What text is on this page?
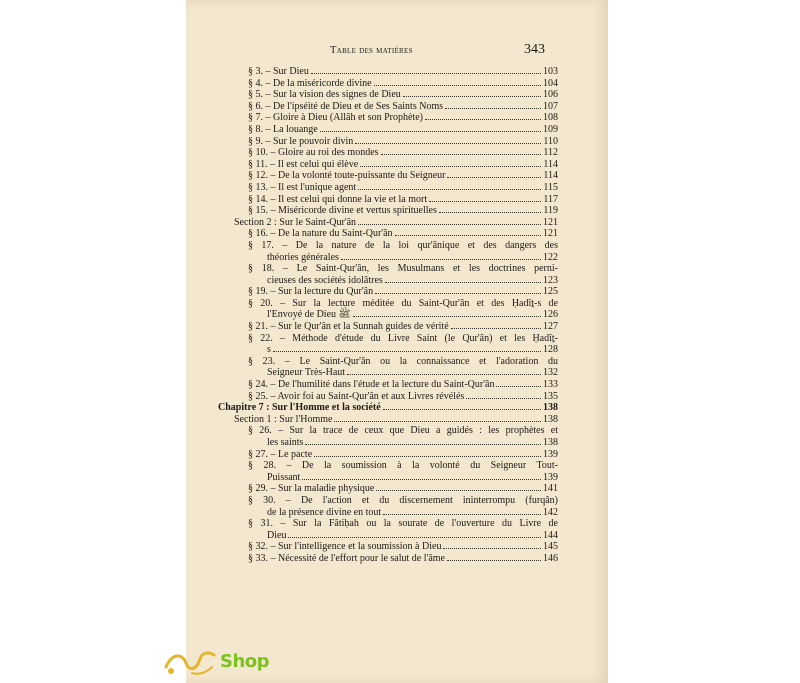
Table des matières	343
§ 3. – Sur Dieu	103
§ 4. – De la miséricorde divine	104
§ 5. – Sur la vision des signes de Dieu	106
§ 6. – De l'ipséité de Dieu et de Ses Saints Noms	107
§ 7. – Gloire à Dieu (Allâh et son Prophète)	108
§ 8. – La louange	109
§ 9. – Sur le pouvoir divin	110
§ 10. – Gloire au roi des mondes	112
§ 11. – Il est celui qui élève	114
§ 12. – De la volonté toute-puissante du Seigneur	114
§ 13. – Il est l'unique agent	115
§ 14. – Il est celui qui donne la vie et la mort	117
§ 15. – Miséricorde divine et vertus spirituelles	119
Section 2 : Sur le Saint-Qur'ân	121
§ 16. – De la nature du Saint-Qur'ân	121
§ 17. – De la nature de la loi qur'ânique et des dangers des
théories générales	122
§ 18. – Le Saint-Qur'ân, les Musulmans et les doctrines perni-
cieuses des sociétés idolâtres	123
§ 19. – Sur la lecture du Qur'ân	125
§ 20. – Sur la lecture méditée du Saint-Qur'ân et des Ḥadîṯ-s de
l'Envoyé de Dieu ﷺ	126
§ 21. – Sur le Qur'ân et la Sunnah guides de vérité	127
§ 22. – Méthode d'étude du Livre Saint (le Qur'ân) et les Ḥadîṯ-
s	128
§ 23. – Le Saint-Qur'ân ou la connaissance et l'adoration du
Seigneur Très-Haut	132
§ 24. – De l'humilité dans l'étude et la lecture du Saint-Qur'ân	133
§ 25. – Avoir foi au Saint-Qur'ân et aux Livres révélés	135
Chapitre 7 : Sur l'Homme et la société	138
Section 1 : Sur l'Homme	138
§ 26. – Sur la trace de ceux que Dieu a guidés : les prophètes et
les saints	138
§ 27. – Le pacte	139
§ 28. – De la soumission à la volonté du Seigneur Tout-
Puissant	139
§ 29. – Sur la maladie physique	141
§ 30. – De l'action et du discernement ininterrompu (furqân)
de la présence divine en tout	142
§ 31. – Sur la Fâtiḥah ou la sourate de l'ouverture du Livre de
Dieu	144
§ 32. – Sur l'intelligence et la soumission à Dieu	145
§ 33. – Nécessité de l'effort pour le salut de l'âme	146
Shop
